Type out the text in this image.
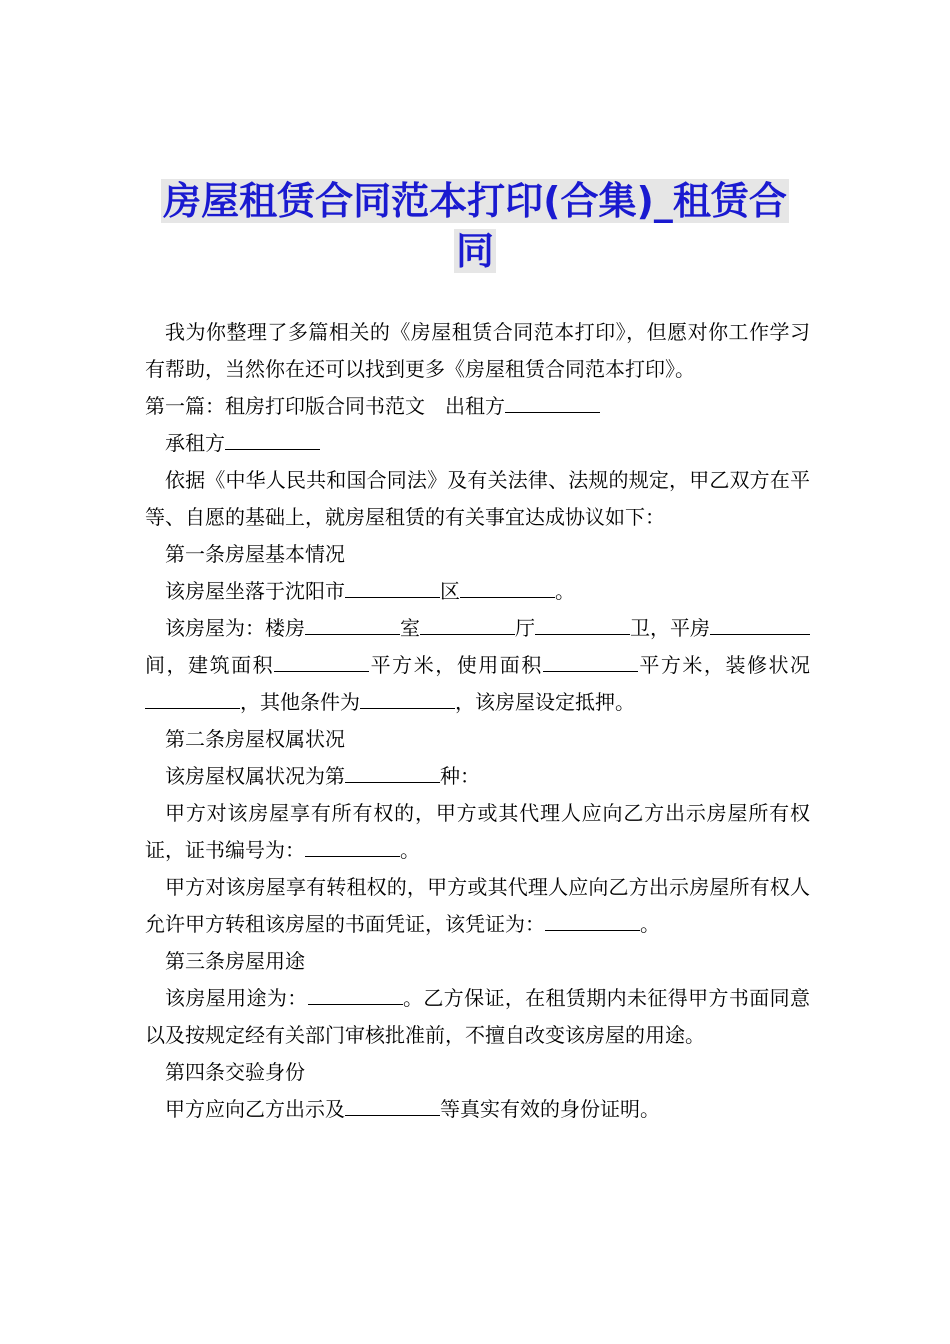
房屋租赁合同范本打印(合集)_租赁合
同

我为你整理了多篇相关的《房屋租赁合同范本打印》，但愿对你工作学习有帮助，当然你在还可以找到更多《房屋租赁合同范本打印》。

第一篇：租房打印版合同书范文　出租方

承租方

依据《中华人民共和国合同法》及有关法律、法规的规定，甲乙双方在平等、自愿的基础上，就房屋租赁的有关事宜达成协议如下：

第一条房屋基本情况

该房屋坐落于沈阳市	区	。

该房屋为：楼房	室	厅	卫，平房间，建筑面积	平方米，使用面积	平方米，装修状况，其他条件为	，该房屋设定抵押。

第二条房屋权属状况

该房屋权属状况为第	种：

甲方对该房屋享有所有权的，甲方或其代理人应向乙方出示房屋所有权证，证书编号为：	。

甲方对该房屋享有转租权的，甲方或其代理人应向乙方出示房屋所有权人允许甲方转租该房屋的书面凭证，该凭证为：	。

第三条房屋用途

该房屋用途为：	。乙方保证，在租赁期内未征得甲方书面同意以及按规定经有关部门审核批准前，不擅自改变该房屋的用途。

第四条交验身份

甲方应向乙方出示及	等真实有效的身份证明。
